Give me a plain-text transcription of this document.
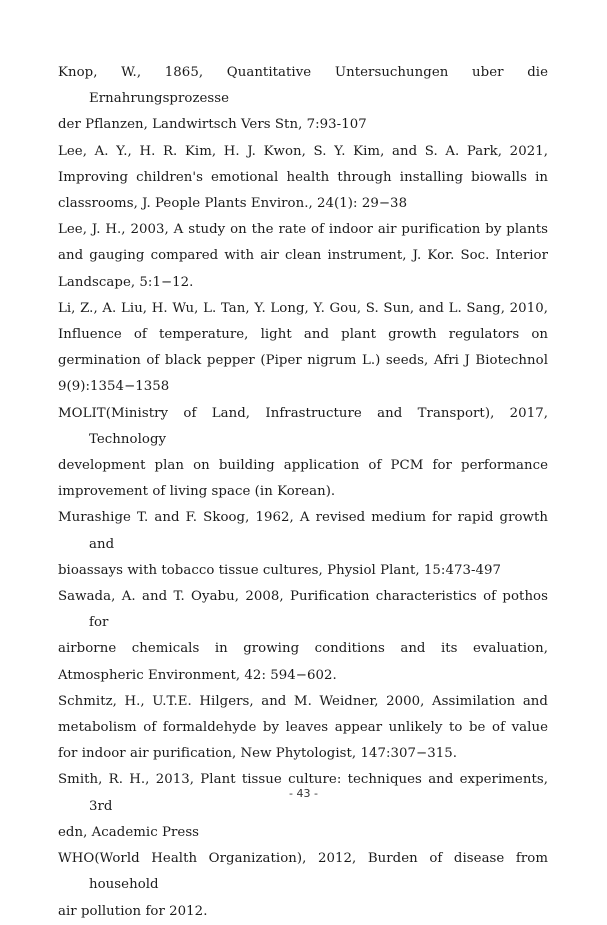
Knop, W., 1865, Quantitative Untersuchungen uber die Ernahrungsprozesse
der Pflanzen, Landwirtsch Vers Stn, 7:93-107

Lee, A. Y., H. R. Kim, H. J. Kwon, S. Y. Kim, and S. A. Park, 2021,
Improving children's emotional health through installing biowalls in
classrooms, J. People Plants Environ., 24(1): 29−38

Lee, J. H., 2003, A study on the rate of indoor air purification by plants
and gauging compared with air clean instrument, J. Kor. Soc. Interior
Landscape, 5:1−12.

Li, Z., A. Liu, H. Wu, L. Tan, Y. Long, Y. Gou, S. Sun, and L. Sang, 2010,
Influence of temperature, light and plant growth regulators on
germination of black pepper (Piper nigrum L.) seeds, Afri J Biotechnol
9(9):1354−1358

MOLIT(Ministry of Land, Infrastructure and Transport), 2017, Technology
development plan on building application of PCM for performance
improvement of living space (in Korean).

Murashige T. and F. Skoog, 1962, A revised medium for rapid growth and
bioassays with tobacco tissue cultures, Physiol Plant, 15:473-497

Sawada, A. and T. Oyabu, 2008, Purification characteristics of pothos for
airborne chemicals in growing conditions and its evaluation,
Atmospheric Environment, 42: 594−602.

Schmitz, H., U.T.E. Hilgers, and M. Weidner, 2000, Assimilation and
metabolism of formaldehyde by leaves appear unlikely to be of value
for indoor air purification, New Phytologist, 147:307−315.

Smith, R. H., 2013, Plant tissue culture: techniques and experiments, 3rd
edn, Academic Press

WHO(World Health Organization), 2012, Burden of disease from household
air pollution for 2012.

- 43 -
